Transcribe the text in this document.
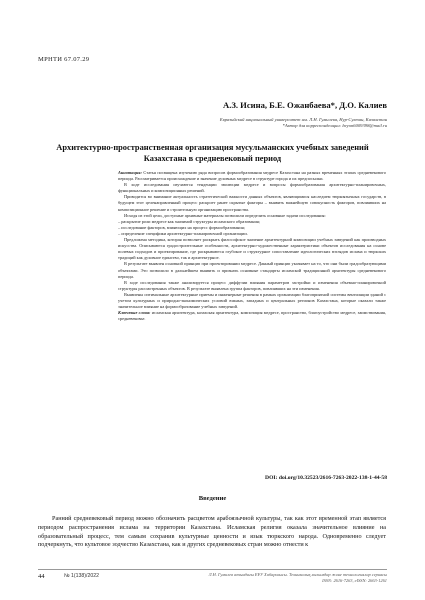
МРНТИ 67.07.29
А.З. Исина, Б.Е. Ожанбаева*, Д.О. Калиев
Евразийский национальный университет им. Л.Н. Гумилева, Нур-Султан, Казахстан
*Автор для корреспонденции: beyon6009398@mail.ru
Архитектурно-пространственная организация мусульманских учебных заведений Казахстана в средневековый период

Аннотация: Статья посвящена изучению ряда вопросов формообразования медресе Казахстана на разных временных этапах средневекового периода. Рассматривается происхождение и значение духовных медресе в структуре города и их предпосылки.

В ходе исследования изучаются тенденции эволюции медресе и вопросы формообразования архитектурно-планировочных, функциональных и композиционных решений.

Приводится во внимание актуальность стратегической важности данных объектов, являющимися наследием тюркоязычных государств, в будущем этот целенаправленный процесс раскроет ранее скрытые факторы – выявить важнейшую совокупность факторов, повлиявших на композиционное решение и строительную организацию пространства.

Исходя из этой цели, доступные архивные материалы позволили определить основные задачи исследования:

– раскрытие роли медресе как значимой структуры исламского образования;

– исследование факторов, влияющих на процесс формообразования;

– определение специфики архитектурно-планировочной организации.

Предложена методика, которая позволяет раскрыть философское значение архитектурной композиции учебных заведений как производных искусства. Описываются градостроительные особенности, архитектурно-художественные характеристики объектов исследования на основе полевых подходов и проектирование, где раскрываются глубокое и структурное сопоставление идеологических взглядов ислама и тюркских традиций как духовное единство, так и архитектурное.

В результате выявлен основной принцип при проектировании медресе. Данный принцип указывает на то, что они были градообразующими объектами. Это позволило в дальнейшем выявить и признать основные стандарты исламской традиционной архитектуры средневекового периода.

В ходе исследования также анализируется процесс диффузии влияния параметров застройки и изменения объемно-планировочной структуры рассмотренных объектов. В результате выявлена группа факторов, повлиявших на эти изменения.

Выявлены оптимальные архитектурные приемы и инженерные решения в рамках организации благоприятной системы вентиляции зданий с учетом культурных и природно-экономических условий южных, западных и центральных регионов Казахстана, которые оказали также значительное влияние на формообразование учебных заведений.

Ключевые слова: исламская архитектура, казахская архитектура, композиция медресе, пространство, благоустройство медресе, заимствования, средневековье.

DOI: doi.org/10.32523/2616-7263-2022-138-1-44-58
Введение

Ранний средневековый период можно обозначить расцветом арабоязычной культуры, так как этот временной этап является периодом распространения ислама на территории Казахстана. Исламская религия оказала значительное влияние на образовательный процесс, тем самым сохранив культурные ценности и язык тюркского народа. Одновременно следует подчеркнуть, что культовое зодчество Казахстана, как и других средневековых стран можно отнести к

44	№ 1(138)/2022	Л.Н. Гумилев атындағы ЕҰУ Хабаршысы. Техникалық ғылымдар және технологиялар сериясы
ISSN: 2616-7263, eISSN: 2663-1261
